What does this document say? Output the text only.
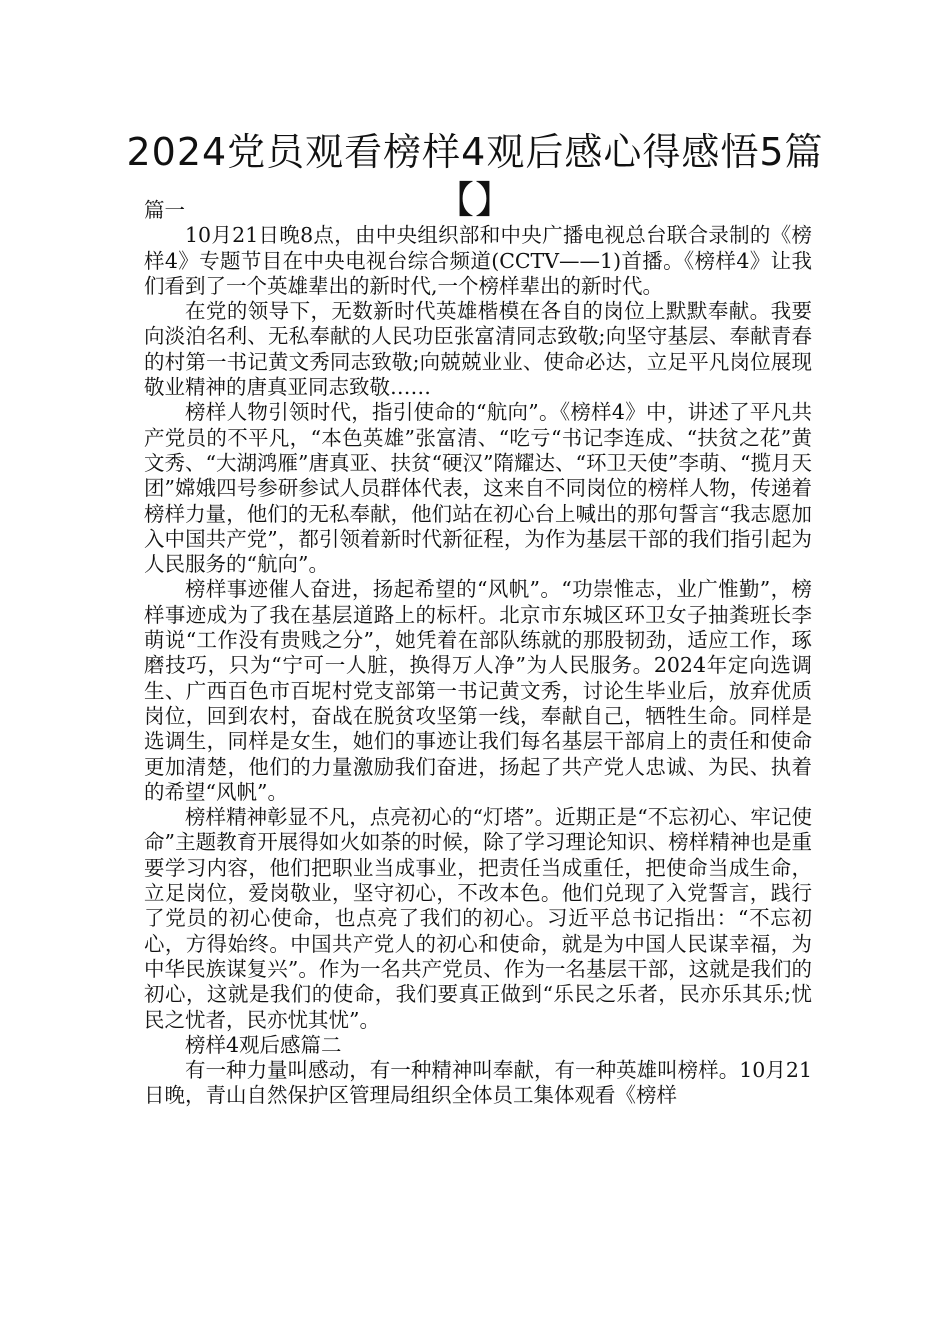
2024党员观看榜样4观后感心得感悟5篇【】

篇一

10月21日晚8点，由中央组织部和中央广播电视总台联合录制的《榜样4》专题节目在中央电视台综合频道(CCTV——1)首播。《榜样4》让我们看到了一个英雄辈出的新时代,一个榜样辈出的新时代。

在党的领导下，无数新时代英雄楷模在各自的岗位上默默奉献。我要向淡泊名利、无私奉献的人民功臣张富清同志致敬;向坚守基层、奉献青春的村第一书记黄文秀同志致敬;向兢兢业业、使命必达，立足平凡岗位展现敬业精神的唐真亚同志致敬……

榜样人物引领时代，指引使命的“航向”。《榜样4》中，讲述了平凡共产党员的不平凡，“本色英雄”张富清、“吃亏“书记李连成、“扶贫之花”黄文秀、“大湖鸿雁”唐真亚、扶贫“硬汉”隋耀达、“环卫天使”李萌、“揽月天团”嫦娥四号参研参试人员群体代表，这来自不同岗位的榜样人物，传递着榜样力量，他们的无私奉献，他们站在初心台上喊出的那句誓言“我志愿加入中国共产党”，都引领着新时代新征程，为作为基层干部的我们指引起为人民服务的“航向”。

榜样事迹催人奋进，扬起希望的“风帆”。“功崇惟志，业广惟勤”，榜样事迹成为了我在基层道路上的标杆。北京市东城区环卫女子抽粪班长李萌说“工作没有贵贱之分”，她凭着在部队练就的那股韧劲，适应工作，琢磨技巧，只为“宁可一人脏，换得万人净”为人民服务。2024年定向选调生、广西百色市百坭村党支部第一书记黄文秀，讨论生毕业后，放弃优质岗位，回到农村，奋战在脱贫攻坚第一线，奉献自己，牺牲生命。同样是选调生，同样是女生，她们的事迹让我们每名基层干部肩上的责任和使命更加清楚，他们的力量激励我们奋进，扬起了共产党人忠诚、为民、执着的希望“风帆”。

榜样精神彰显不凡，点亮初心的“灯塔”。近期正是“不忘初心、牢记使命”主题教育开展得如火如荼的时候，除了学习理论知识、榜样精神也是重要学习内容，他们把职业当成事业，把责任当成重任，把使命当成生命，立足岗位，爱岗敬业，坚守初心，不改本色。他们兑现了入党誓言，践行了党员的初心使命，也点亮了我们的初心。习近平总书记指出：“不忘初心，方得始终。中国共产党人的初心和使命，就是为中国人民谋幸福，为中华民族谋复兴”。作为一名共产党员、作为一名基层干部，这就是我们的初心，这就是我们的使命，我们要真正做到“乐民之乐者，民亦乐其乐;忧民之忧者，民亦忧其忧”。

榜样4观后感篇二

有一种力量叫感动，有一种精神叫奉献，有一种英雄叫榜样。10月21日晚，青山自然保护区管理局组织全体员工集体观看《榜样
